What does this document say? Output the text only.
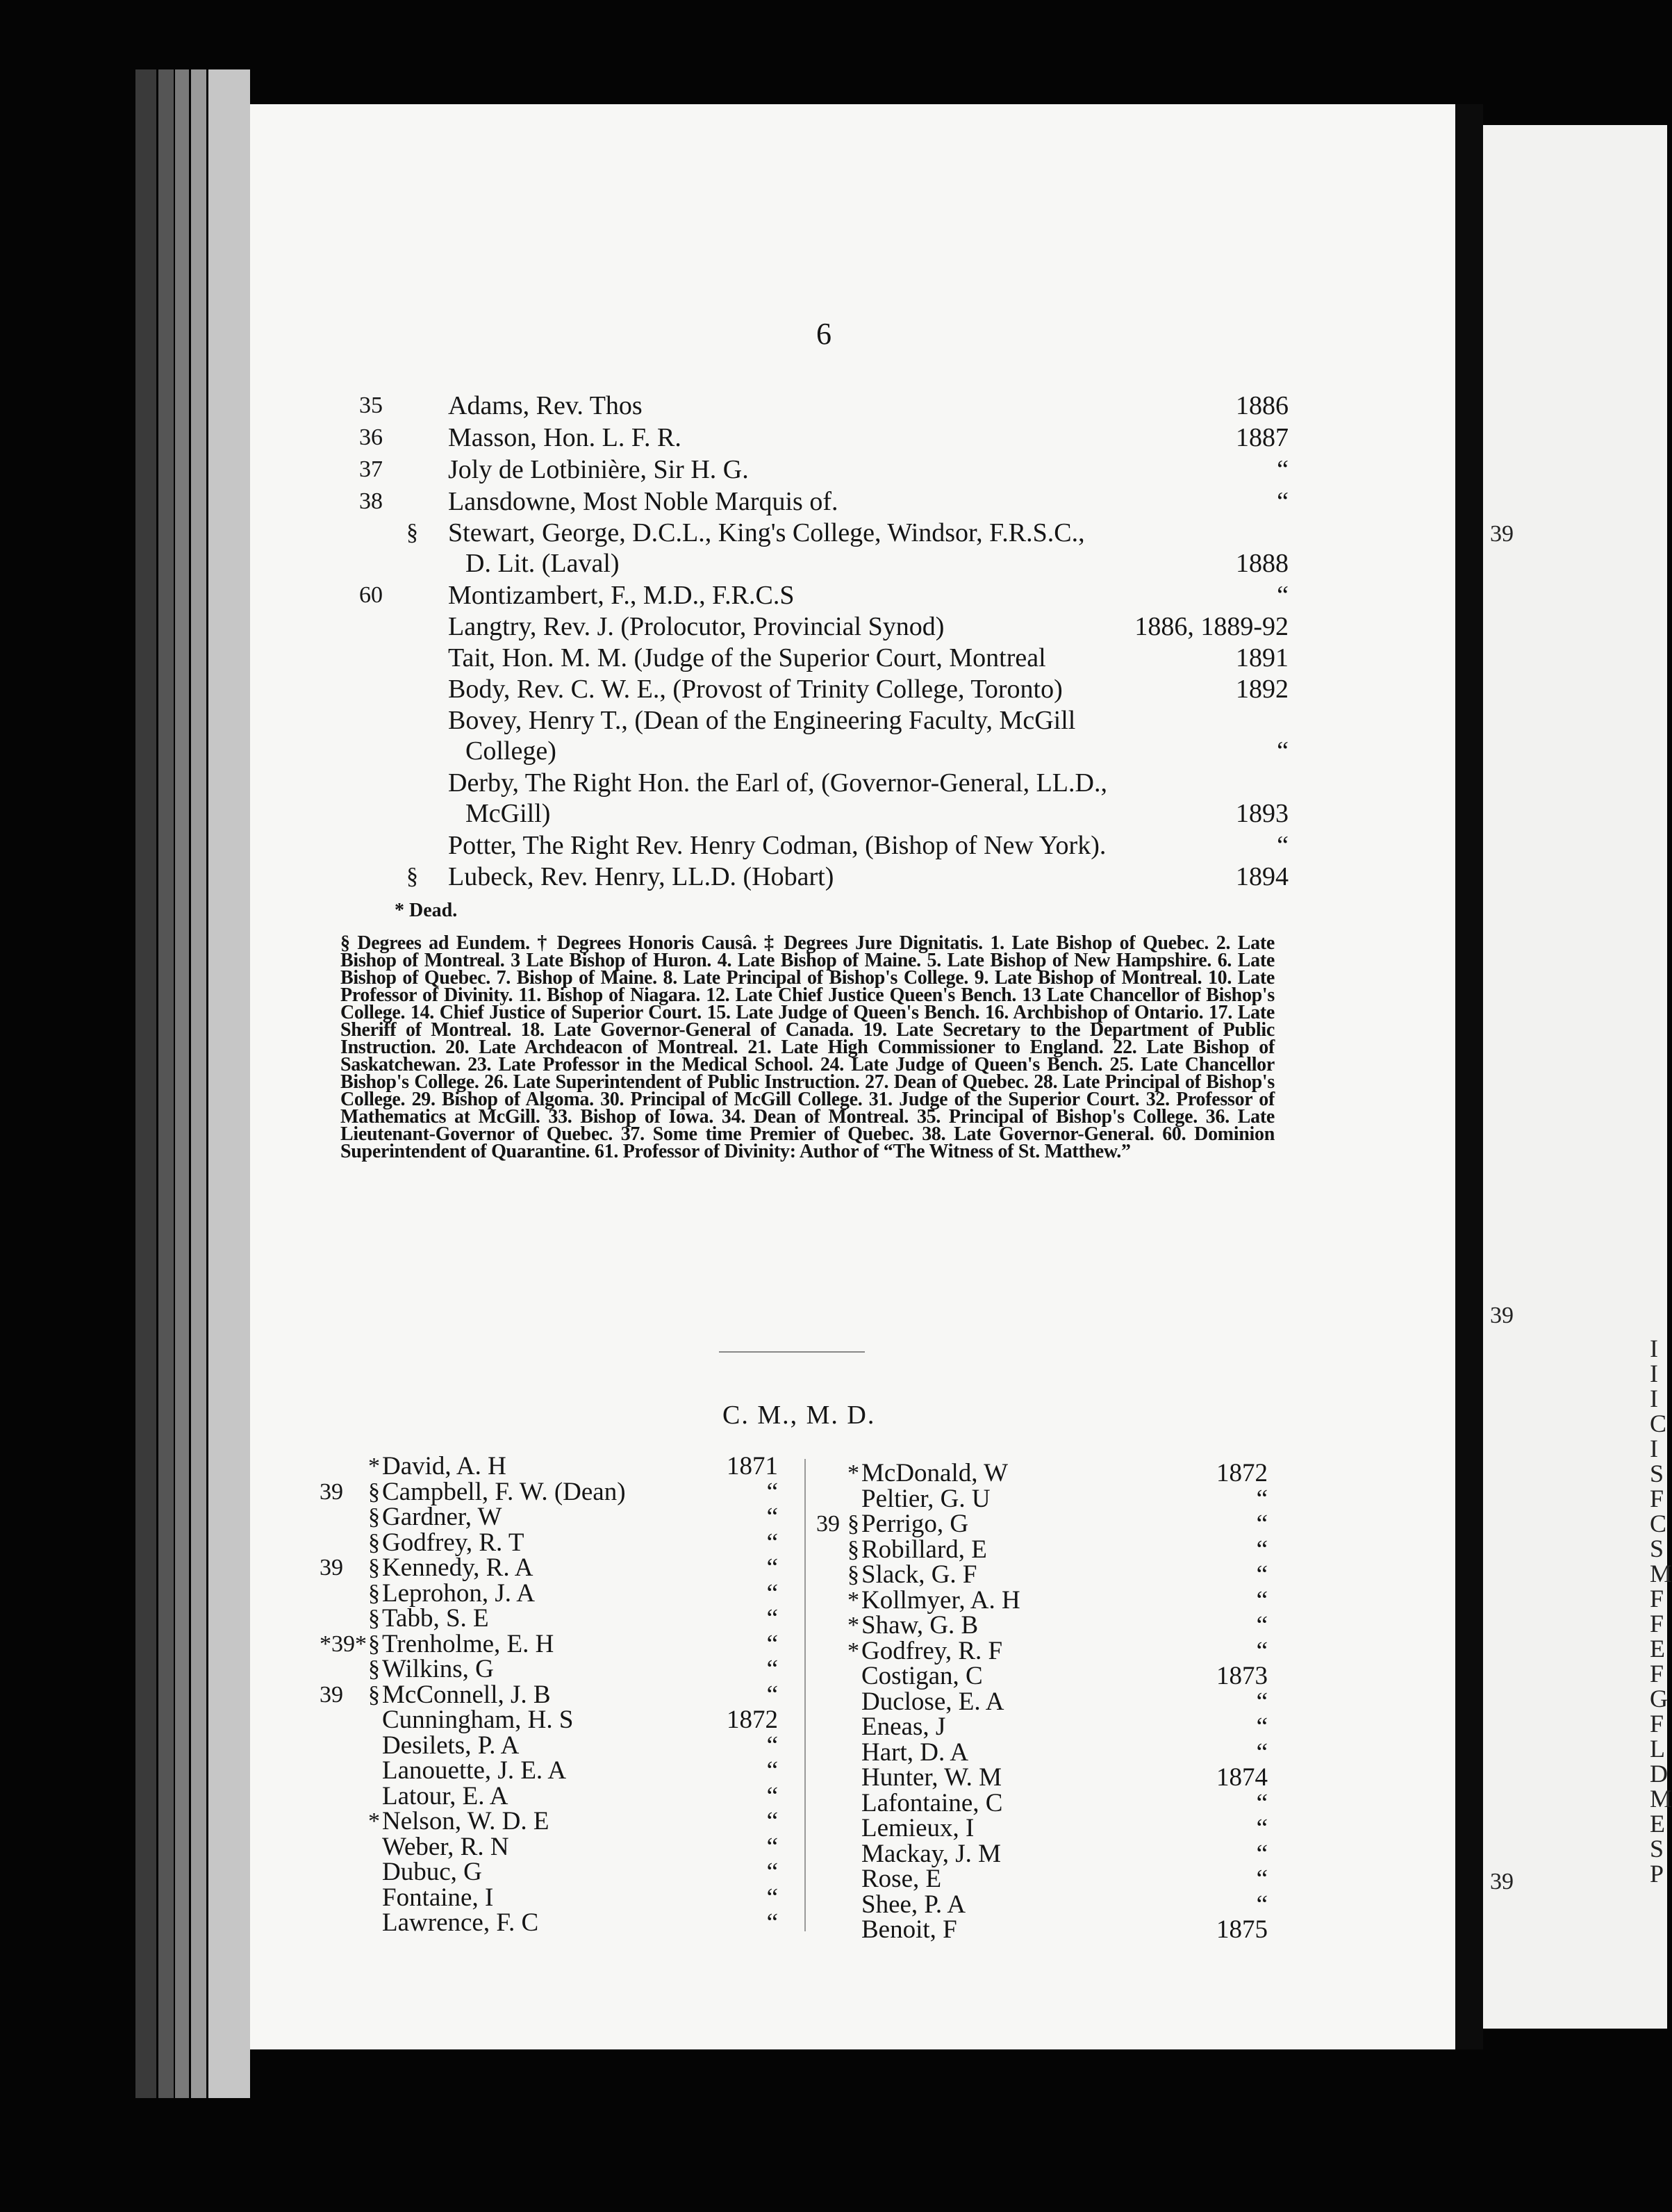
39
39
39
I
I
I
C
I
S
F
C
S
M
F
F
E
F
G
F
L
D
M
E
S
P
6
35	Adams, Rev. Thos	1886
36	Masson, Hon. L. F. R.	1887
37	Joly de Lotbinière, Sir H. G.	“
38	Lansdowne, Most Noble Marquis of.	“
§ Stewart, George, D.C.L., King's College, Windsor, F.R.S.C.,
D. Lit. (Laval)	1888
60	Montizambert, F., M.D., F.R.C.S	“
Langtry, Rev. J. (Prolocutor, Provincial Synod)	1886, 1889-92
Tait, Hon. M. M. (Judge of the Superior Court, Montreal	1891
Body, Rev. C. W. E., (Provost of Trinity College, Toronto)	1892
Bovey, Henry T., (Dean of the Engineering Faculty, McGill
College)	“
Derby, The Right Hon. the Earl of, (Governor-General, LL.D.,
McGill)	1893
Potter, The Right Rev. Henry Codman, (Bishop of New York).	“
§ Lubeck, Rev. Henry, LL.D. (Hobart)	1894
* Dead.
§ Degrees ad Eundem. † Degrees Honoris Causâ. ‡ Degrees Jure Dignitatis. 1. Late Bishop of Quebec. 2. Late Bishop of Montreal. 3 Late Bishop of Huron. 4. Late Bishop of Maine. 5. Late Bishop of New Hampshire. 6. Late Bishop of Quebec. 7. Bishop of Maine. 8. Late Principal of Bishop's College. 9. Late Bishop of Montreal. 10. Late Professor of Divinity. 11. Bishop of Niagara. 12. Late Chief Justice Queen's Bench. 13 Late Chancellor of Bishop's College. 14. Chief Justice of Superior Court. 15. Late Judge of Queen's Bench. 16. Archbishop of Ontario. 17. Late Sheriff of Montreal. 18. Late Governor-General of Canada. 19. Late Secretary to the Department of Public Instruction. 20. Late Archdeacon of Montreal. 21. Late High Commissioner to England. 22. Late Bishop of Saskatchewan. 23. Late Professor in the Medical School. 24. Late Judge of Queen's Bench. 25. Late Chancellor Bishop's College. 26. Late Superintendent of Public Instruction. 27. Dean of Quebec. 28. Late Principal of Bishop's College. 29. Bishop of Algoma. 30. Principal of McGill College. 31. Judge of the Superior Court. 32. Professor of Mathematics at McGill. 33. Bishop of Iowa. 34. Dean of Montreal. 35. Principal of Bishop's College. 36. Late Lieutenant-Governor of Quebec. 37. Some time Premier of Quebec. 38. Late Governor-General. 60. Dominion Superintendent of Quarantine. 61. Professor of Divinity: Author of “The Witness of St. Matthew.”
C. M., M. D.
* David, A. H	1871
39 § Campbell, F. W. (Dean)	“
§ Gardner, W	“
§ Godfrey, R. T	“
39 § Kennedy, R. A	“
§ Leprohon, J. A	“
§ Tabb, S. E	“
*39* § Trenholme, E. H	“
§ Wilkins, G	“
39 § McConnell, J. B	“
Cunningham, H. S	1872
Desilets, P. A	“
Lanouette, J. E. A	“
Latour, E. A	“
* Nelson, W. D. E	“
Weber, R. N	“
Dubuc, G	“
Fontaine, I	“
Lawrence, F. C	“
* McDonald, W	1872
Peltier, G. U	“
39 § Perrigo, G	“
§ Robillard, E	“
§ Slack, G. F	“
* Kollmyer, A. H	“
* Shaw, G. B	“
* Godfrey, R. F	“
Costigan, C	1873
Duclose, E. A	“
Eneas, J	“
Hart, D. A	“
Hunter, W. M	1874
Lafontaine, C	“
Lemieux, I	“
Mackay, J. M	“
Rose, E	“
Shee, P. A	“
Benoit, F	1875
